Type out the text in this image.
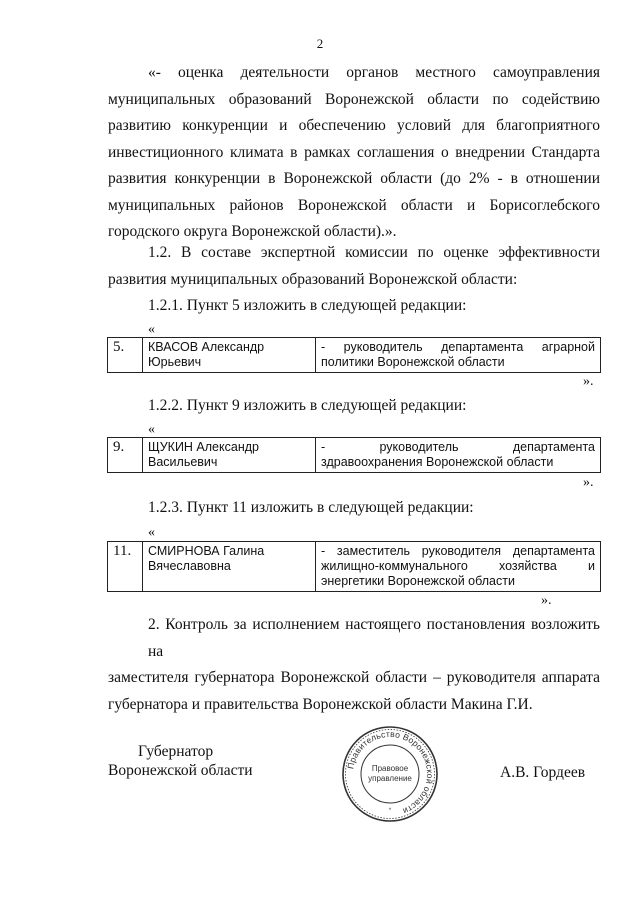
2
«- оценка деятельности органов местного самоуправления
муниципальных образований Воронежской области по содействию
развитию конкуренции и обеспечению условий для благоприятного
инвестиционного климата в рамках соглашения о внедрении Стандарта
развития конкуренции в Воронежской области (до 2% - в отношении
муниципальных районов Воронежской области и Борисоглебского
городского округа Воронежской области).».
1.2. В составе экспертной комиссии по оценке эффективности
развития муниципальных образований Воронежской области:
1.2.1. Пункт 5 изложить в следующей редакции:
«
5.	КВАСОВ Александр Юрьевич	- руководитель департамента аграрной политики Воронежской области
».
1.2.2. Пункт 9 изложить в следующей редакции:
«
9.	ЩУКИН Александр Васильевич	- руководитель департамента здравоохранения Воронежской области
».
1.2.3. Пункт 11 изложить в следующей редакции:
«
11.	СМИРНОВА Галина Вячеславовна	- заместитель руководителя департамента жилищно-коммунального хозяйства и энергетики Воронежской области
».
2. Контроль за исполнением настоящего постановления возложить на
заместителя губернатора Воронежской области – руководителя аппарата
губернатора и правительства Воронежской области Макина Г.И.
Губернатор
Воронежской области	Правительство Воронежской области
Правовое
управление
*
А.В. Гордеев
